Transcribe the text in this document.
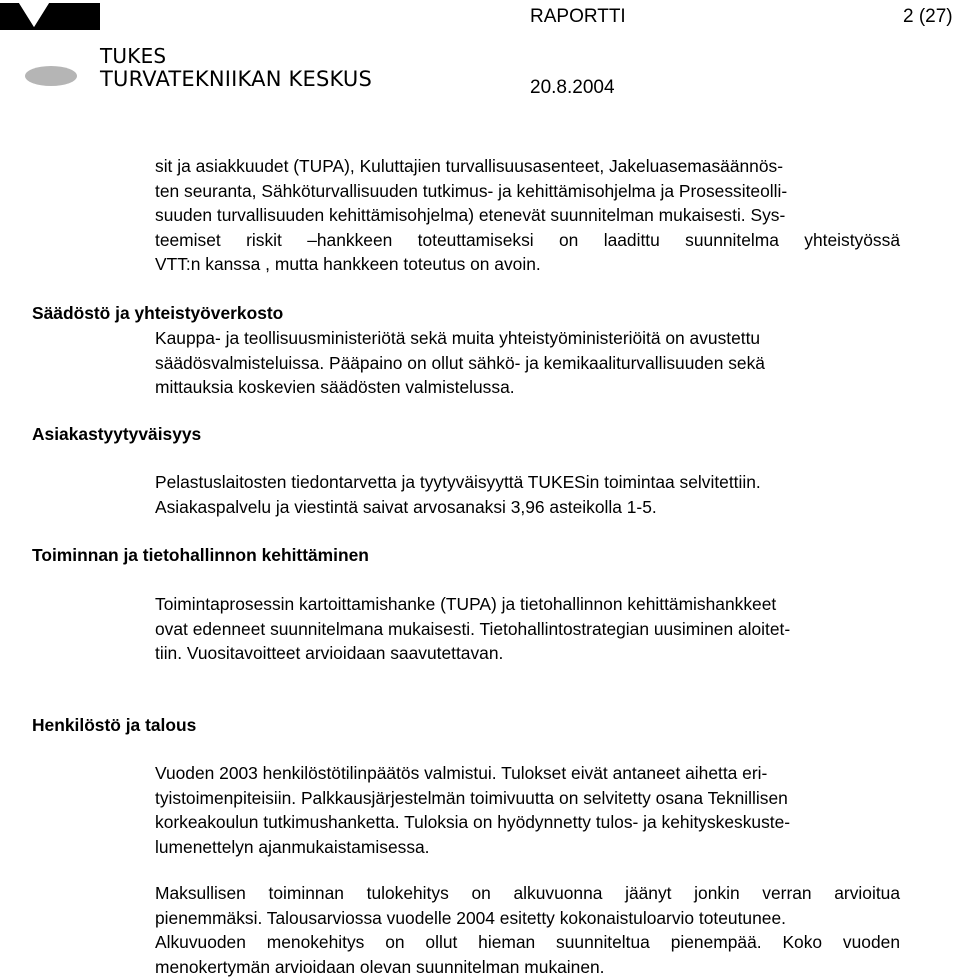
TUKES
TURVATEKNIIKAN KESKUS
RAPORTTI	2 (27)
20.8.2004
sit ja asiakkuudet (TUPA), Kuluttajien turvallisuusasenteet, Jakeluasemasäännös-
ten seuranta, Sähköturvallisuuden tutkimus- ja kehittämisohjelma ja Prosessiteolli-
suuden turvallisuuden kehittämisohjelma) etenevät suunnitelman mukaisesti. Sys-
teemiset riskit –hankkeen toteuttamiseksi on laadittu suunnitelma yhteistyössä
VTT:n kanssa , mutta hankkeen toteutus on avoin.
Säädöstö ja yhteistyöverkosto
Kauppa- ja teollisuusministeriötä sekä muita yhteistyöministeriöitä on avustettu
säädösvalmisteluissa. Pääpaino on ollut sähkö- ja kemikaaliturvallisuuden sekä
mittauksia koskevien säädösten valmistelussa.
Asiakastyytyväisyys
Pelastuslaitosten tiedontarvetta ja tyytyväisyyttä TUKESin toimintaa selvitettiin.
Asiakaspalvelu ja viestintä saivat arvosanaksi 3,96 asteikolla 1-5.
Toiminnan ja tietohallinnon kehittäminen
Toimintaprosessin kartoittamishanke (TUPA) ja tietohallinnon kehittämishankkeet
ovat edenneet suunnitelmana mukaisesti. Tietohallintostrategian uusiminen aloitet-
tiin. Vuositavoitteet arvioidaan saavutettavan.
Henkilöstö ja talous
Vuoden 2003 henkilöstötilinpäätös valmistui. Tulokset eivät antaneet aihetta eri-
tyistoimenpiteisiin. Palkkausjärjestelmän toimivuutta on selvitetty osana Teknillisen
korkeakoulun tutkimushanketta. Tuloksia on hyödynnetty tulos- ja kehityskeskuste-
lumenettelyn ajanmukaistamisessa.
Maksullisen toiminnan tulokehitys on alkuvuonna jäänyt jonkin verran arvioitua
pienemmäksi. Talousarviossa vuodelle 2004 esitetty kokonaistuloarvio toteutunee.
Alkuvuoden menokehitys on ollut hieman suunniteltua pienempää. Koko vuoden
menokertymän arvioidaan olevan suunnitelman mukainen.
